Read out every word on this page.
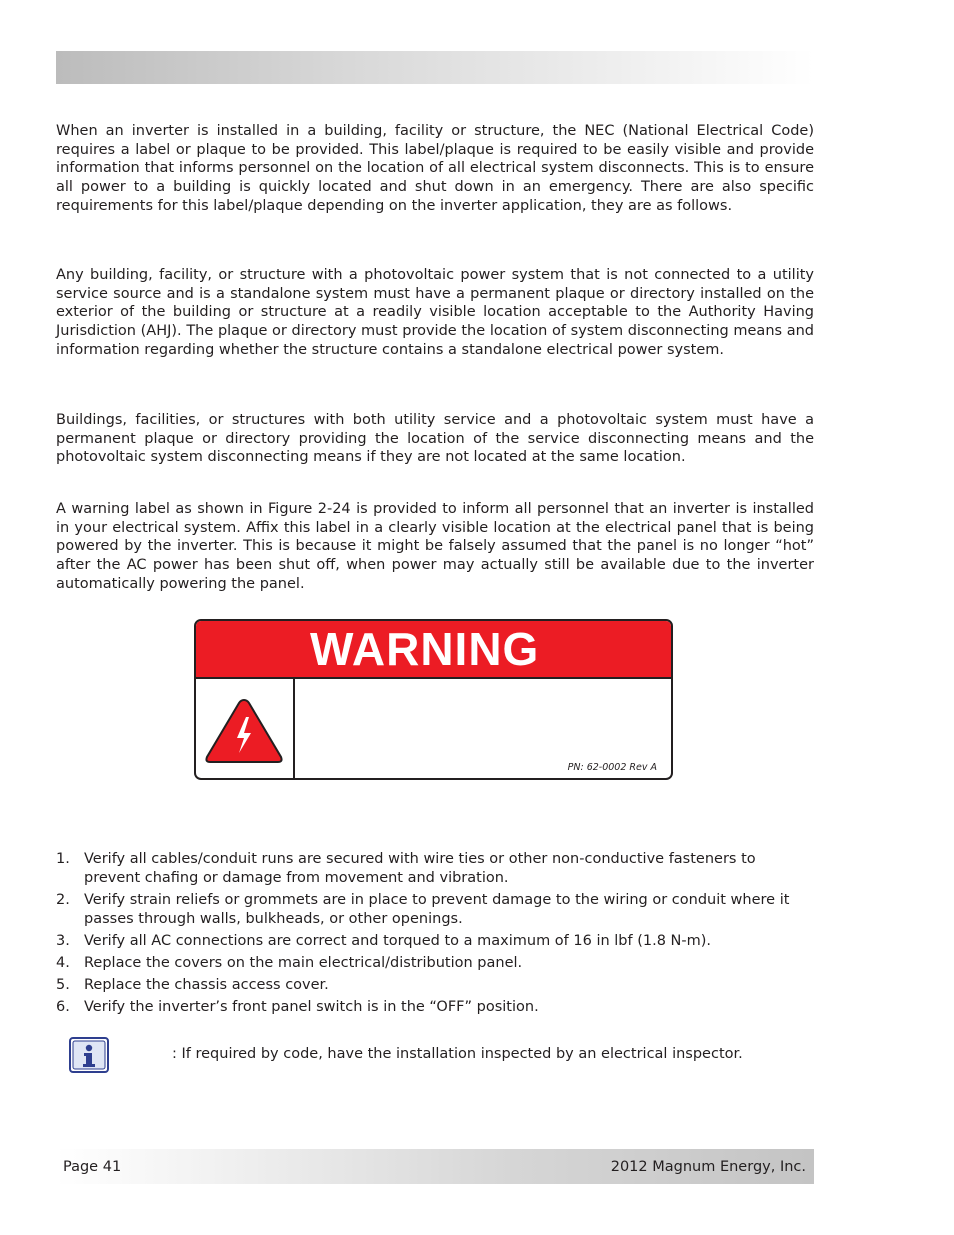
When an inverter is installed in a building, facility or structure, the NEC (National Electrical Code) requires a label or plaque to be provided. This label/plaque is required to be easily visible and provide information that informs personnel on the location of all electrical system disconnects. This is to ensure all power to a building is quickly located and shut down in an emergency. There are also specific requirements for this label/plaque depending on the inverter application, they are as follows.

Any building, facility, or structure with a photovoltaic power system that is not connected to a utility service source and is a standalone system must have a permanent plaque or directory installed on the exterior of the building or structure at a readily visible location acceptable to the Authority Having Jurisdiction (AHJ). The plaque or directory must provide the location of system disconnecting means and information regarding whether the structure contains a standalone electrical power system.

Buildings, facilities, or structures with both utility service and a photovoltaic system must have a permanent plaque or directory providing the location of the service disconnecting means and the photovoltaic system disconnecting means if they are not located at the same location.

A warning label as shown in Figure 2-24 is provided to inform all personnel that an inverter is installed in your electrical system. Affix this label in a clearly visible location at the electrical panel that is being powered by the inverter. This is because it might be falsely assumed that the panel is no longer “hot” after the AC power has been shut off, when power may actually still be available due to the inverter automatically powering the panel.

WARNING
PN: 62-0002 Rev A
1. Verify all cables/conduit runs are secured with wire ties or other non-conductive fasteners to prevent chafing or damage from movement and vibration.
2. Verify strain reliefs or grommets are in place to prevent damage to the wiring or conduit where it passes through walls, bulkheads, or other openings.
3. Verify all AC connections are correct and torqued to a maximum of 16 in lbf (1.8 N-m).
4. Replace the covers on the main electrical/distribution panel.
5. Replace the chassis access cover.
6. Verify the inverter’s front panel switch is in the “OFF” position.
: If required by code, have the installation inspected by an electrical inspector.
Page 41	2012 Magnum Energy, Inc.
